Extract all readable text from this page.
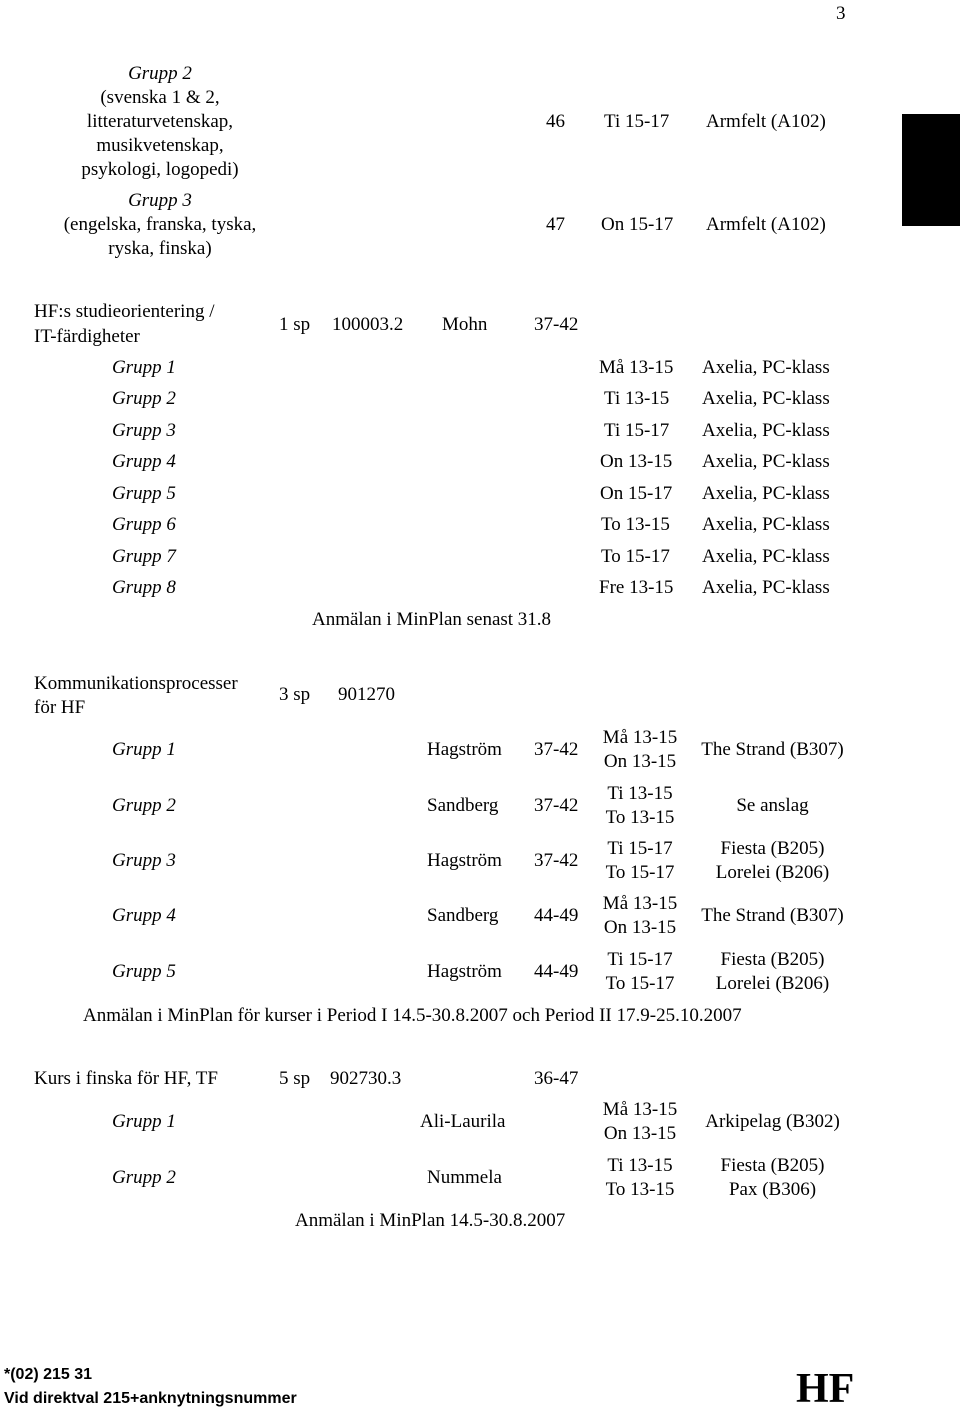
3
Grupp 2
(svenska 1 & 2,
litteraturvetenskap,
musikvetenskap,
psykologi, logopedi)
46 Ti 15-17 Armfelt (A102)
Grupp 3
(engelska, franska, tyska,
ryska, finska)
47 On 15-17 Armfelt (A102)
HF:s studieorientering /
IT-färdigheter
1 sp 100003.2 Mohn 37-42
Grupp 1	Må 13-15 Axelia, PC-klass
Grupp 2	Ti 13-15 Axelia, PC-klass
Grupp 3	Ti 15-17 Axelia, PC-klass
Grupp 4	On 13-15 Axelia, PC-klass
Grupp 5	On 15-17 Axelia, PC-klass
Grupp 6	To 13-15 Axelia, PC-klass
Grupp 7	To 15-17 Axelia, PC-klass
Grupp 8	Fre 13-15 Axelia, PC-klass
Anmälan i MinPlan senast 31.8
Kommunikationsprocesser
för HF
3 sp 901270
Grupp 1	Hagström 37-42
Må 13-15
On 13-15
The Strand (B307)
Grupp 2	Sandberg 37-42
Ti 13-15
To 13-15
Se anslag
Grupp 3	Hagström 37-42
Ti 15-17
To 15-17
Fiesta (B205)
Lorelei (B206)
Grupp 4	Sandberg 44-49
Må 13-15
On 13-15
The Strand (B307)
Grupp 5	Hagström 44-49
Ti 15-17
To 15-17
Fiesta (B205)
Lorelei (B206)
Anmälan i MinPlan för kurser i Period I 14.5-30.8.2007 och Period II 17.9-25.10.2007
Kurs i finska för HF, TF	5 sp 902730.3	36-47
Grupp 1	Ali-Laurila
Må 13-15
On 13-15
Arkipelag (B302)
Grupp 2	Nummela
Ti 13-15
To 13-15
Fiesta (B205)
Pax (B306)
Anmälan i MinPlan 14.5-30.8.2007
*(02) 215 31
Vid direktval 215+anknytningsnummer	HF
